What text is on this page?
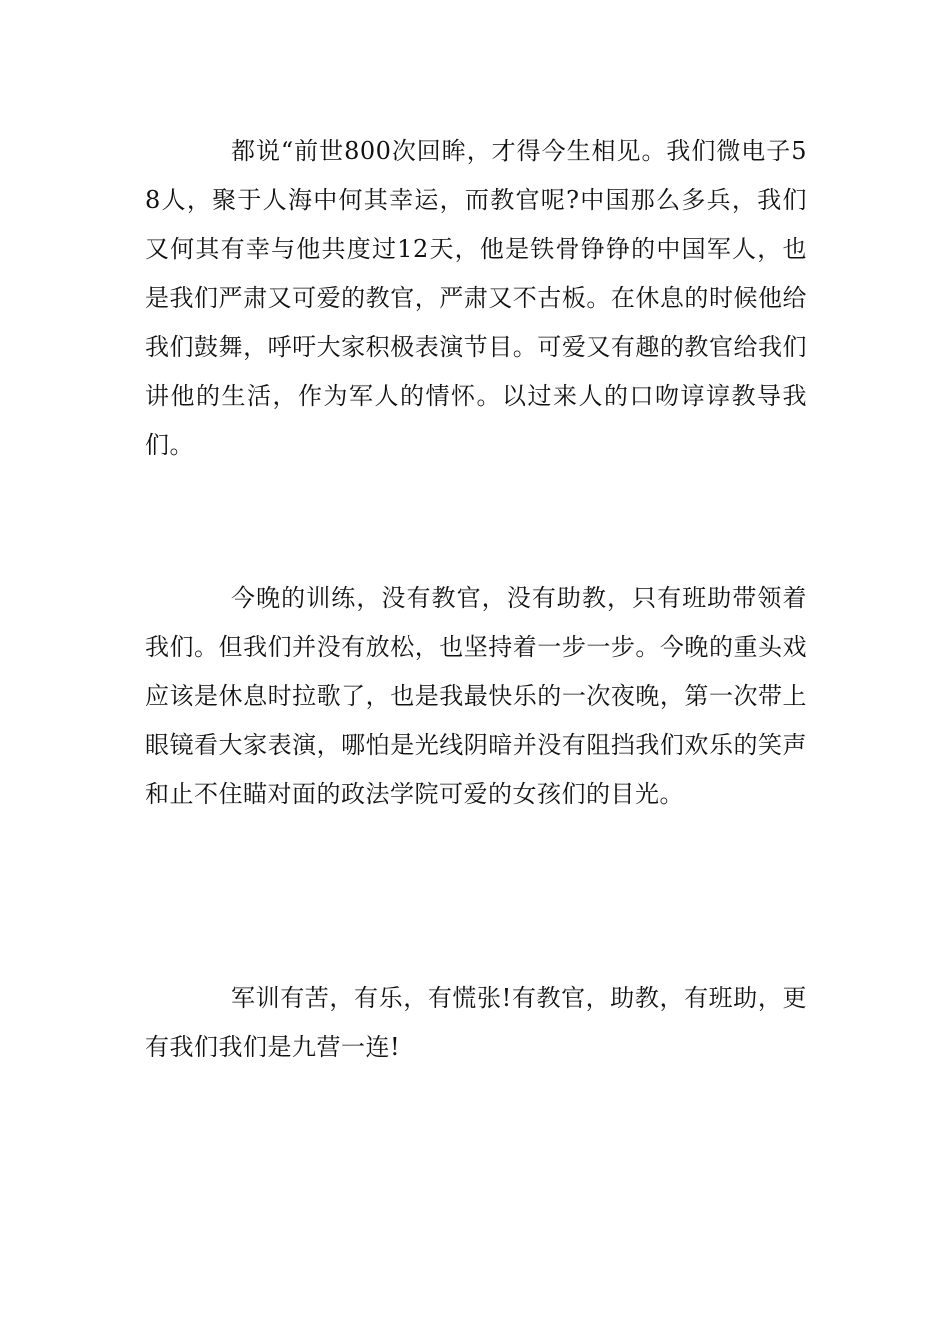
都说“前世800次回眸，才得今生相见。我们微电子58人，聚于人海中何其幸运，而教官呢?中国那么多兵，我们又何其有幸与他共度过12天，他是铁骨铮铮的中国军人，也是我们严肃又可爱的教官，严肃又不古板。在休息的时候他给我们鼓舞，呼吁大家积极表演节目。可爱又有趣的教官给我们讲他的生活，作为军人的情怀。以过来人的口吻谆谆教导我们。

今晚的训练，没有教官，没有助教，只有班助带领着我们。但我们并没有放松，也坚持着一步一步。今晚的重头戏应该是休息时拉歌了，也是我最快乐的一次夜晚，第一次带上眼镜看大家表演，哪怕是光线阴暗并没有阻挡我们欢乐的笑声和止不住瞄对面的政法学院可爱的女孩们的目光。

军训有苦，有乐，有慌张!有教官，助教，有班助，更有我们我们是九营一连!
